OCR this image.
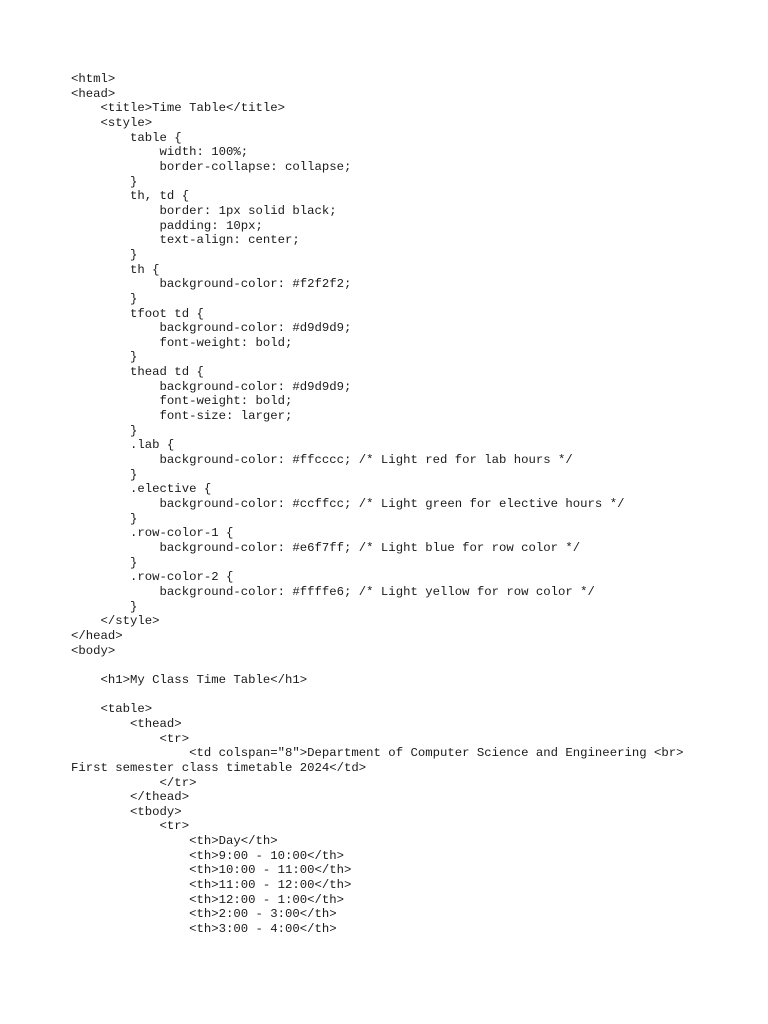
<html>
<head>
<title>Time Table</title>
<style>
table {
width: 100%;
border-collapse: collapse;
}
th, td {
border: 1px solid black;
padding: 10px;
text-align: center;
}
th {
background-color: #f2f2f2;
}
tfoot td {
background-color: #d9d9d9;
font-weight: bold;
}
thead td {
background-color: #d9d9d9;
font-weight: bold;
font-size: larger;
}
.lab {
background-color: #ffcccc; /* Light red for lab hours */
}
.elective {
background-color: #ccffcc; /* Light green for elective hours */
}
.row-color-1 {
background-color: #e6f7ff; /* Light blue for row color */
}
.row-color-2 {
background-color: #ffffe6; /* Light yellow for row color */
}
</style>
</head>
<body>
<h1>My Class Time Table</h1>
<table>
<thead>
<tr>
<td colspan="8">Department of Computer Science and Engineering <br>
First semester class timetable 2024</td>
</tr>
</thead>
<tbody>
<tr>
<th>Day</th>
<th>9:00 - 10:00</th>
<th>10:00 - 11:00</th>
<th>11:00 - 12:00</th>
<th>12:00 - 1:00</th>
<th>2:00 - 3:00</th>
<th>3:00 - 4:00</th>
